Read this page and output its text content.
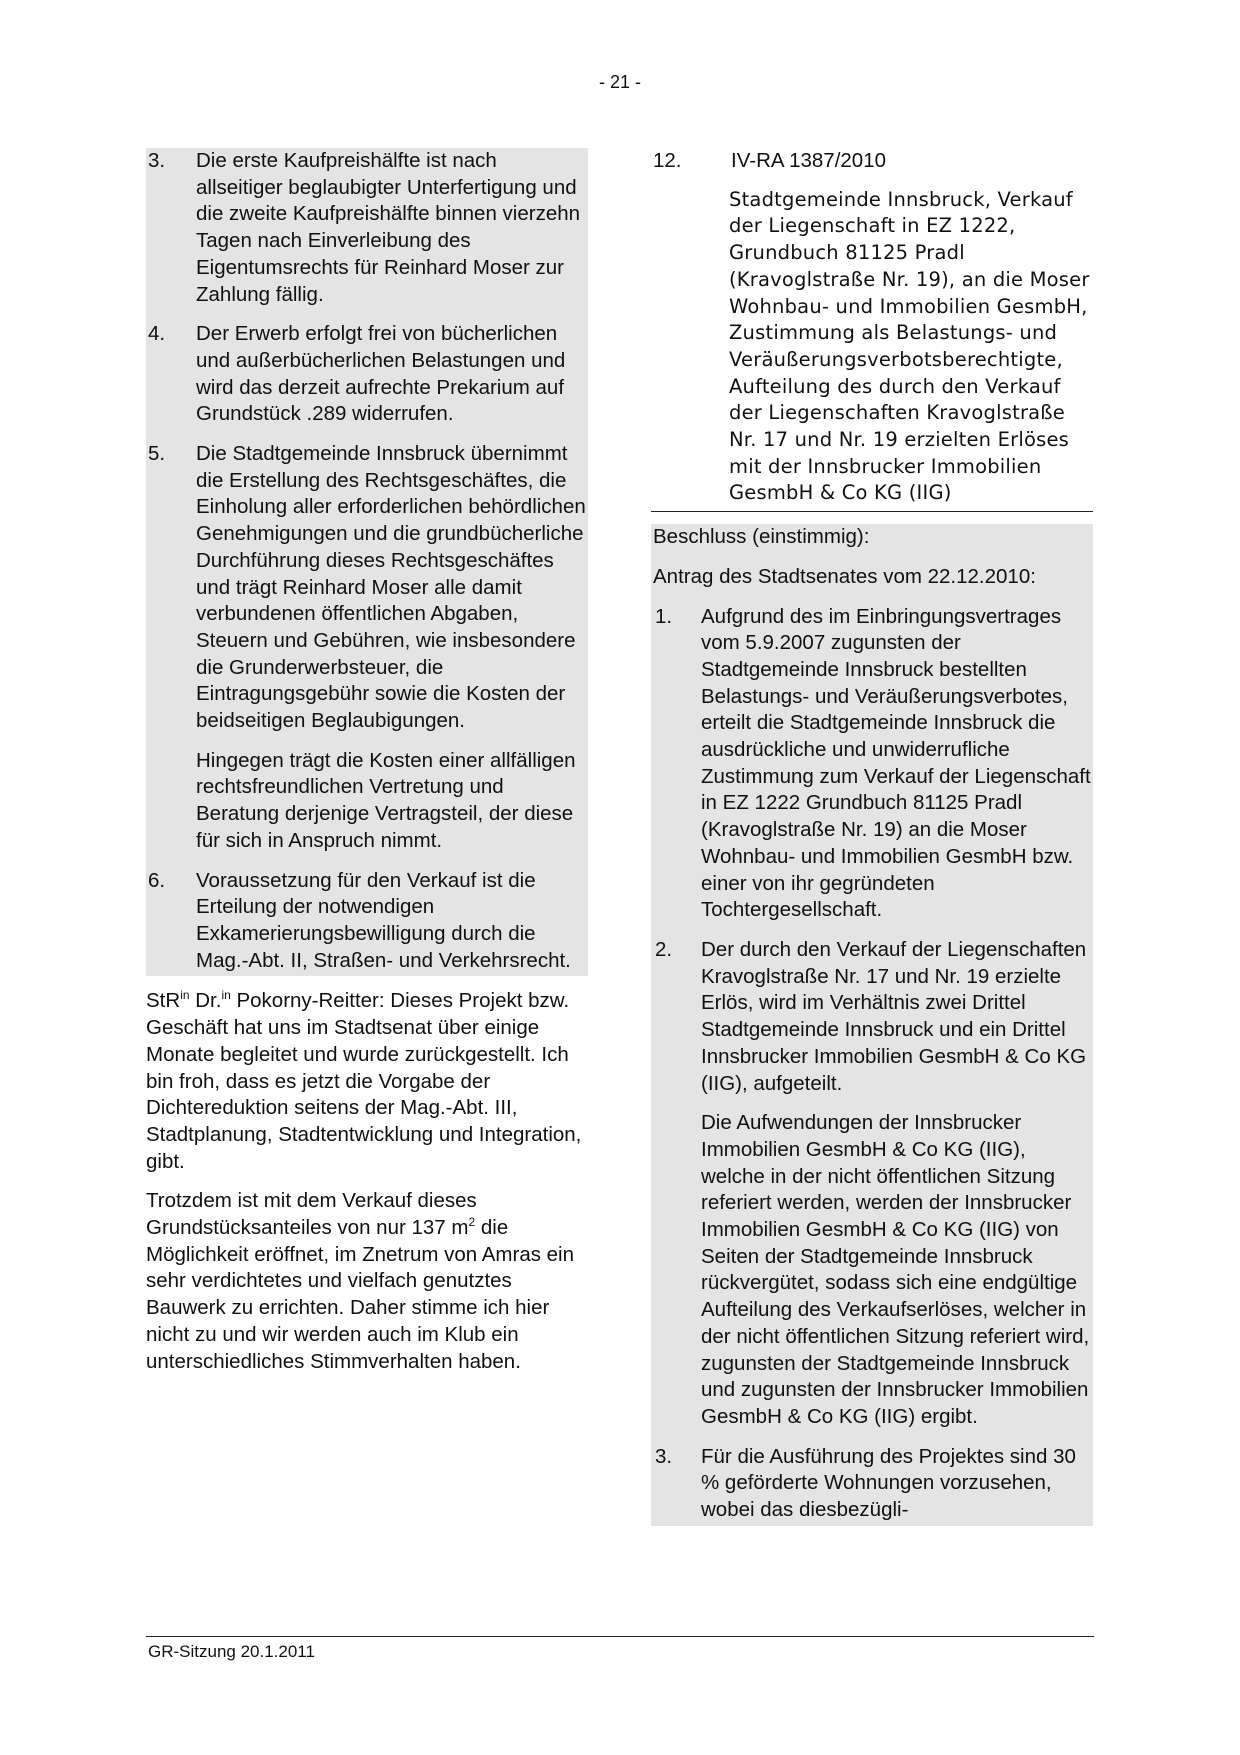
- 21 -
3.	Die erste Kaufpreishälfte ist nach allseitiger beglaubigter Unterfertigung und die zweite Kaufpreishälfte binnen vierzehn Tagen nach Einverleibung des Eigentumsrechts für Reinhard Moser zur Zahlung fällig.

4.	Der Erwerb erfolgt frei von bücherlichen und außerbücherlichen Belastungen und wird das derzeit aufrechte Prekarium auf Grundstück .289 widerrufen.

5.	Die Stadtgemeinde Innsbruck übernimmt die Erstellung des Rechtsgeschäftes, die Einholung aller erforderlichen behördlichen Genehmigungen und die grundbücherliche Durchführung dieses Rechtsgeschäftes und trägt Reinhard Moser alle damit verbundenen öffentlichen Abgaben, Steuern und Gebühren, wie insbesondere die Grunderwerbsteuer, die Eintragungsgebühr sowie die Kosten der beidseitigen Beglaubigungen.

Hingegen trägt die Kosten einer allfälligen rechtsfreundlichen Vertretung und Beratung derjenige Vertragsteil, der diese für sich in Anspruch nimmt.

6.	Voraussetzung für den Verkauf ist die Erteilung der notwendigen Exkamerierungsbewilligung durch die Mag.-Abt. II, Straßen- und Verkehrsrecht.

StR$^{in}$ Dr.$^{in}$ Pokorny-Reitter: Dieses Projekt bzw. Geschäft hat uns im Stadtsenat über einige Monate begleitet und wurde zurückgestellt. Ich bin froh, dass es jetzt die Vorgabe der Dichtereduktion seitens der Mag.-Abt. III, Stadtplanung, Stadtentwicklung und Integration, gibt.

Trotzdem ist mit dem Verkauf dieses Grundstücksanteiles von nur 137 $m^2$ die Möglichkeit eröffnet, im Znetrum von Amras ein sehr verdichtetes und vielfach genutztes Bauwerk zu errichten. Daher stimme ich hier nicht zu und wir werden auch im Klub ein unterschiedliches Stimmverhalten haben.

12.	IV-RA 1387/2010
Stadtgemeinde Innsbruck, Verkauf der Liegenschaft in EZ 1222, Grundbuch 81125 Pradl (Kravoglstraße Nr. 19), an die Moser Wohnbau- und Immobilien GesmbH, Zustimmung als Belastungs- und Veräußerungsverbotsberechtigte, Aufteilung des durch den Verkauf der Liegenschaften Kravoglstraße Nr. 17 und Nr. 19 erzielten Erlöses mit der Innsbrucker Immobilien GesmbH & Co KG (IIG)

Beschluss (einstimmig):

Antrag des Stadtsenates vom 22.12.2010:

1.	Aufgrund des im Einbringungsvertrages vom 5.9.2007 zugunsten der Stadtgemeinde Innsbruck bestellten Belastungs- und Veräußerungsverbotes, erteilt die Stadtgemeinde Innsbruck die ausdrückliche und unwiderrufliche Zustimmung zum Verkauf der Liegenschaft in EZ 1222 Grundbuch 81125 Pradl (Kravoglstraße Nr. 19) an die Moser Wohnbau- und Immobilien GesmbH bzw. einer von ihr gegründeten Tochtergesellschaft.

2.	Der durch den Verkauf der Liegenschaften Kravoglstraße Nr. 17 und Nr. 19 erzielte Erlös, wird im Verhältnis zwei Drittel Stadtgemeinde Innsbruck und ein Drittel Innsbrucker Immobilien GesmbH & Co KG (IIG), aufgeteilt.

Die Aufwendungen der Innsbrucker Immobilien GesmbH & Co KG (IIG), welche in der nicht öffentlichen Sitzung referiert werden, werden der Innsbrucker Immobilien GesmbH & Co KG (IIG) von Seiten der Stadtgemeinde Innsbruck rückvergütet, sodass sich eine endgültige Aufteilung des Verkaufserlöses, welcher in der nicht öffentlichen Sitzung referiert wird, zugunsten der Stadtgemeinde Innsbruck und zugunsten der Innsbrucker Immobilien GesmbH & Co KG (IIG) ergibt.

3.	Für die Ausführung des Projektes sind 30 % geförderte Wohnungen vorzusehen, wobei das diesbezügli-

GR-Sitzung 20.1.2011
